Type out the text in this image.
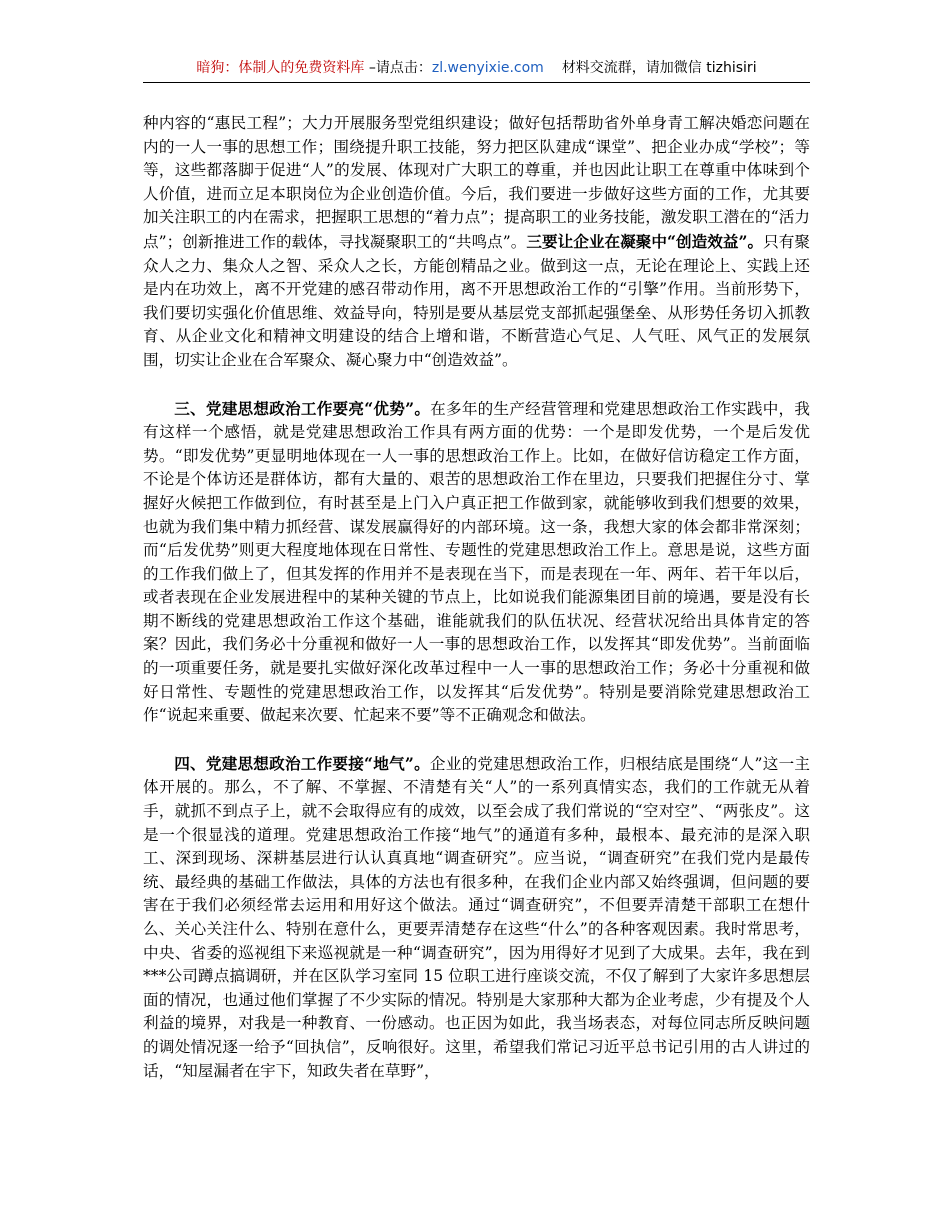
暗狗：体制人的免费资料库 –请点击：zl.wenyixie.com 材料交流群，请加微信 tizhisiri

种内容的“惠民工程”；大力开展服务型党组织建设；做好包括帮助省外单身青工解决婚恋问题在内的一人一事的思想工作；围绕提升职工技能，努力把区队建成“课堂”、把企业办成“学校”；等等，这些都落脚于促进“人”的发展、体现对广大职工的尊重，并也因此让职工在尊重中体味到个人价值，进而立足本职岗位为企业创造价值。今后，我们要进一步做好这些方面的工作，尤其要加关注职工的内在需求，把握职工思想的“着力点”；提高职工的业务技能，激发职工潜在的“活力点”；创新推进工作的载体，寻找凝聚职工的“共鸣点”。三要让企业在凝聚中“创造效益”。只有聚众人之力、集众人之智、采众人之长，方能创精品之业。做到这一点，无论在理论上、实践上还是内在功效上，离不开党建的感召带动作用，离不开思想政治工作的“引擎”作用。当前形势下，我们要切实强化价值思维、效益导向，特别是要从基层党支部抓起强堡垒、从形势任务切入抓教育、从企业文化和精神文明建设的结合上增和谐，不断营造心气足、人气旺、风气正的发展氛围，切实让企业在合军聚众、凝心聚力中“创造效益”。

三、党建思想政治工作要亮“优势”。在多年的生产经营管理和党建思想政治工作实践中，我有这样一个感悟，就是党建思想政治工作具有两方面的优势：一个是即发优势，一个是后发优势。“即发优势”更显明地体现在一人一事的思想政治工作上。比如，在做好信访稳定工作方面，不论是个体访还是群体访，都有大量的、艰苦的思想政治工作在里边，只要我们把握住分寸、掌握好火候把工作做到位，有时甚至是上门入户真正把工作做到家，就能够收到我们想要的效果，也就为我们集中精力抓经营、谋发展赢得好的内部环境。这一条，我想大家的体会都非常深刻；而“后发优势”则更大程度地体现在日常性、专题性的党建思想政治工作上。意思是说，这些方面的工作我们做上了，但其发挥的作用并不是表现在当下，而是表现在一年、两年、若干年以后，或者表现在企业发展进程中的某种关键的节点上，比如说我们能源集团目前的境遇，要是没有长期不断线的党建思想政治工作这个基础，谁能就我们的队伍状况、经营状况给出具体肯定的答案？因此，我们务必十分重视和做好一人一事的思想政治工作，以发挥其“即发优势”。当前面临的一项重要任务，就是要扎实做好深化改革过程中一人一事的思想政治工作；务必十分重视和做好日常性、专题性的党建思想政治工作，以发挥其“后发优势”。特别是要消除党建思想政治工作“说起来重要、做起来次要、忙起来不要”等不正确观念和做法。

四、党建思想政治工作要接“地气”。企业的党建思想政治工作，归根结底是围绕“人”这一主体开展的。那么，不了解、不掌握、不清楚有关“人”的一系列真情实态，我们的工作就无从着手，就抓不到点子上，就不会取得应有的成效，以至会成了我们常说的“空对空”、“两张皮”。这是一个很显浅的道理。党建思想政治工作接“地气”的通道有多种，最根本、最充沛的是深入职工、深到现场、深耕基层进行认认真真地“调查研究”。应当说，“调查研究”在我们党内是最传统、最经典的基础工作做法，具体的方法也有很多种，在我们企业内部又始终强调，但问题的要害在于我们必须经常去运用和用好这个做法。通过“调查研究”，不但要弄清楚干部职工在想什么、关心关注什么、特别在意什么，更要弄清楚存在这些“什么”的各种客观因素。我时常思考，中央、省委的巡视组下来巡视就是一种“调查研究”，因为用得好才见到了大成果。去年，我在到***公司蹲点搞调研，并在区队学习室同 15 位职工进行座谈交流，不仅了解到了大家许多思想层面的情况，也通过他们掌握了不少实际的情况。特别是大家那种大都为企业考虑，少有提及个人利益的境界，对我是一种教育、一份感动。也正因为如此，我当场表态，对每位同志所反映问题的调处情况逐一给予“回执信”，反响很好。这里，希望我们常记习近平总书记引用的古人讲过的话，“知屋漏者在宇下，知政失者在草野”，
